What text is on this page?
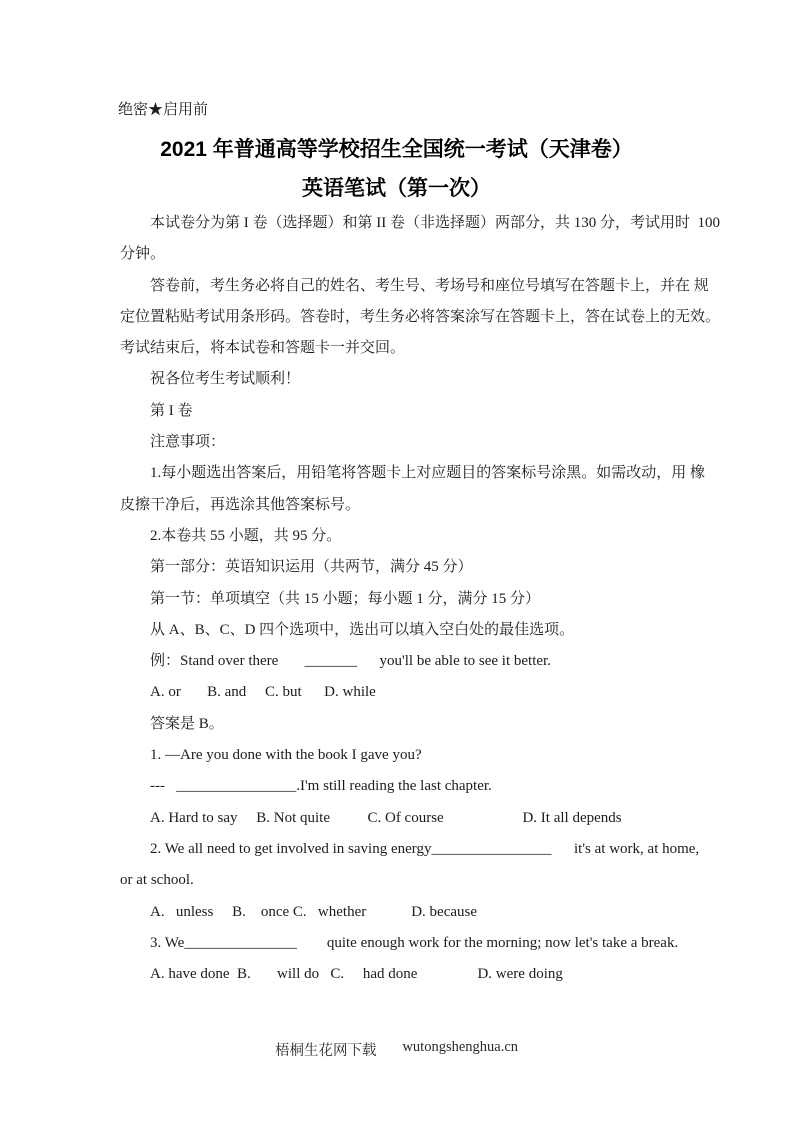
绝密★启用前
2021 年普通高等学校招生全国统一考试（天津卷）
英语笔试（第一次）
本试卷分为第 I 卷（选择题）和第 II 卷（非选择题）两部分，共 130 分，考试用时  100
分钟。
答卷前，考生务必将自己的姓名、考生号、考场号和座位号填写在答题卡上，并在 规
定位置粘贴考试用条形码。答卷时，考生务必将答案涂写在答题卡上，答在试卷上的无效。
考试结束后，将本试卷和答题卡一并交回。
祝各位考生考试顺利！
第 I 卷
注意事项：
1.每小题选出答案后，用铅笔将答题卡上对应题目的答案标号涂黑。如需改动，用 橡
皮擦干净后，再选涂其他答案标号。
2.本卷共 55 小题，共 95 分。
第一部分：英语知识运用（共两节，满分 45 分）
第一节：单项填空（共 15 小题；每小题 1 分，满分 15 分）
从 A、B、C、D 四个选项中，选出可以填入空白处的最佳选项。
例：Stand over there       _______      you'll be able to see it better.
A. or       B. and     C. but      D. while
答案是 B。
1. —Are you done with the book I gave you?
---   ________________.I'm still reading the last chapter.
A. Hard to say     B. Not quite          C. Of course                     D. It all depends
2. We all need to get involved in saving energy________________      it's at work, at home,
or at school.
A.   unless     B.    once C.   whether            D. because
3. We_______________        quite enough work for the morning; now let's take a break.
A. have done  B.       will do   C.     had done                D. were doing
梧桐生花网下载 wutongshenghua.cn
